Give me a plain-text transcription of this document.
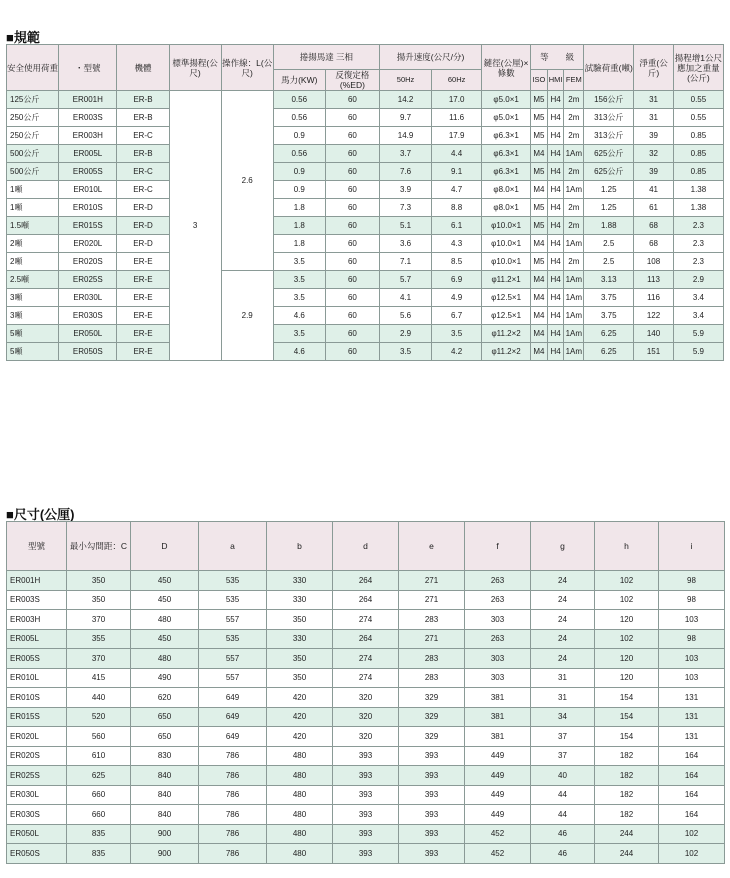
■規範
安全使用荷重	・型號	機體	標準揚程(公尺)	操作線：L(公尺)	捲揚馬達 三相		揚升速度(公尺/分)		鏈徑(公厘)×條數	等　　級			試驗荷重(噸)	淨重(公斤)	揚程增1公尺應加之重量(公斤)
					馬力(KW)	反復定格(%ED)	50Hz	60Hz		ISO	HMI	FEM			
125公斤	ER001H	ER-B	3	2.6	0.56	60	14.2	17.0	φ5.0×1	M5	H4	2m	156公斤	31	0.55
250公斤	ER003S	ER-B			0.56	60	9.7	11.6	φ5.0×1	M5	H4	2m	313公斤	31	0.55
250公斤	ER003H	ER-C			0.9	60	14.9	17.9	φ6.3×1	M5	H4	2m	313公斤	39	0.85
500公斤	ER005L	ER-B			0.56	60	3.7	4.4	φ6.3×1	M4	H4	1Am	625公斤	32	0.85
500公斤	ER005S	ER-C			0.9	60	7.6	9.1	φ6.3×1	M5	H4	2m	625公斤	39	0.85
1噸	ER010L	ER-C			0.9	60	3.9	4.7	φ8.0×1	M4	H4	1Am	1.25	41	1.38
1噸	ER010S	ER-D			1.8	60	7.3	8.8	φ8.0×1	M5	H4	2m	1.25	61	1.38
1.5噸	ER015S	ER-D			1.8	60	5.1	6.1	φ10.0×1	M5	H4	2m	1.88	68	2.3
2噸	ER020L	ER-D			1.8	60	3.6	4.3	φ10.0×1	M4	H4	1Am	2.5	68	2.3
2噸	ER020S	ER-E			3.5	60	7.1	8.5	φ10.0×1	M5	H4	2m	2.5	108	2.3
2.5噸	ER025S	ER-E		2.9	3.5	60	5.7	6.9	φ11.2×1	M4	H4	1Am	3.13	113	2.9
3噸	ER030L	ER-E			3.5	60	4.1	4.9	φ12.5×1	M4	H4	1Am	3.75	116	3.4
3噸	ER030S	ER-E			4.6	60	5.6	6.7	φ12.5×1	M4	H4	1Am	3.75	122	3.4
5噸	ER050L	ER-E			3.5	60	2.9	3.5	φ11.2×2	M4	H4	1Am	6.25	140	5.9
5噸	ER050S	ER-E			4.6	60	3.5	4.2	φ11.2×2	M4	H4	1Am	6.25	151	5.9
■尺寸(公厘)
型號	最小勾間距：C	D	a	b	d	e	f	g	h	i
ER001H	350	450	535	330	264	271	263	24	102	98
ER003S	350	450	535	330	264	271	263	24	102	98
ER003H	370	480	557	350	274	283	303	24	120	103
ER005L	355	450	535	330	264	271	263	24	102	98
ER005S	370	480	557	350	274	283	303	24	120	103
ER010L	415	490	557	350	274	283	303	31	120	103
ER010S	440	620	649	420	320	329	381	31	154	131
ER015S	520	650	649	420	320	329	381	34	154	131
ER020L	560	650	649	420	320	329	381	37	154	131
ER020S	610	830	786	480	393	393	449	37	182	164
ER025S	625	840	786	480	393	393	449	40	182	164
ER030L	660	840	786	480	393	393	449	44	182	164
ER030S	660	840	786	480	393	393	449	44	182	164
ER050L	835	900	786	480	393	393	452	46	244	102
ER050S	835	900	786	480	393	393	452	46	244	102
